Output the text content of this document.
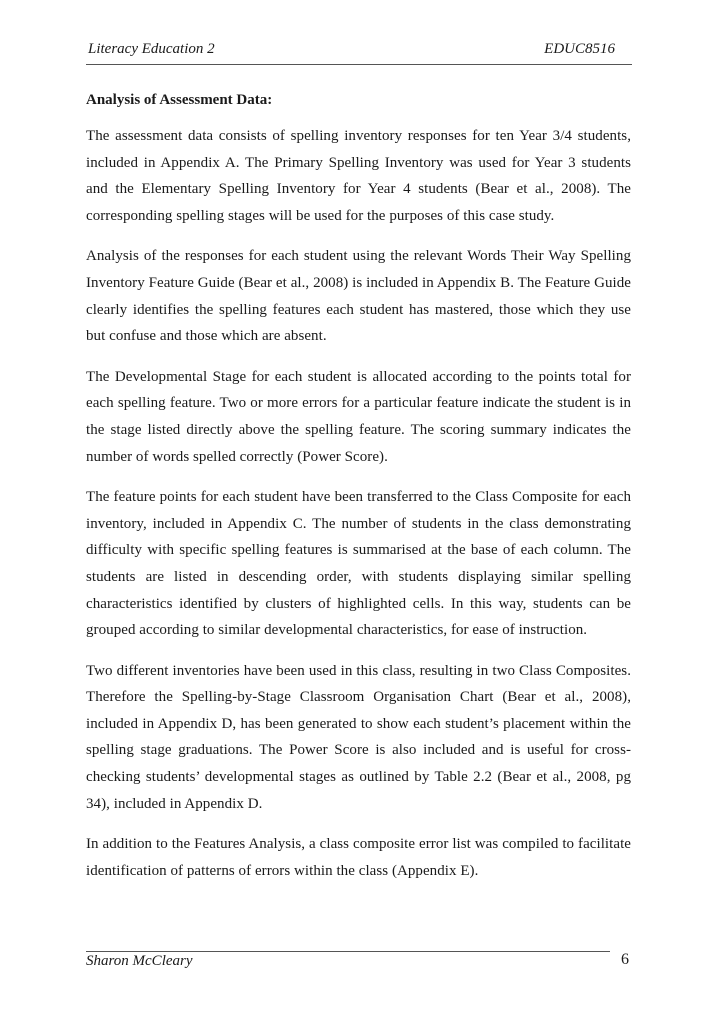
Literacy Education 2	EDUC8516

Analysis of Assessment Data:

The assessment data consists of spelling inventory responses for ten Year 3/4 students, included in Appendix A. The Primary Spelling Inventory was used for Year 3 students and the Elementary Spelling Inventory for Year 4 students (Bear et al., 2008). The corresponding spelling stages will be used for the purposes of this case study.

Analysis of the responses for each student using the relevant Words Their Way Spelling Inventory Feature Guide (Bear et al., 2008) is included in Appendix B. The Feature Guide clearly identifies the spelling features each student has mastered, those which they use but confuse and those which are absent.

The Developmental Stage for each student is allocated according to the points total for each spelling feature. Two or more errors for a particular feature indicate the student is in the stage listed directly above the spelling feature. The scoring summary indicates the number of words spelled correctly (Power Score).

The feature points for each student have been transferred to the Class Composite for each inventory, included in Appendix C. The number of students in the class demonstrating difficulty with specific spelling features is summarised at the base of each column. The students are listed in descending order, with students displaying similar spelling characteristics identified by clusters of highlighted cells. In this way, students can be grouped according to similar developmental characteristics, for ease of instruction.

Two different inventories have been used in this class, resulting in two Class Composites. Therefore the Spelling-by-Stage Classroom Organisation Chart (Bear et al., 2008), included in Appendix D, has been generated to show each student’s placement within the spelling stage graduations. The Power Score is also included and is useful for cross-checking students’ developmental stages as outlined by Table 2.2 (Bear et al., 2008, pg 34), included in Appendix D.

In addition to the Features Analysis, a class composite error list was compiled to facilitate identification of patterns of errors within the class (Appendix E).

Sharon McCleary	6
